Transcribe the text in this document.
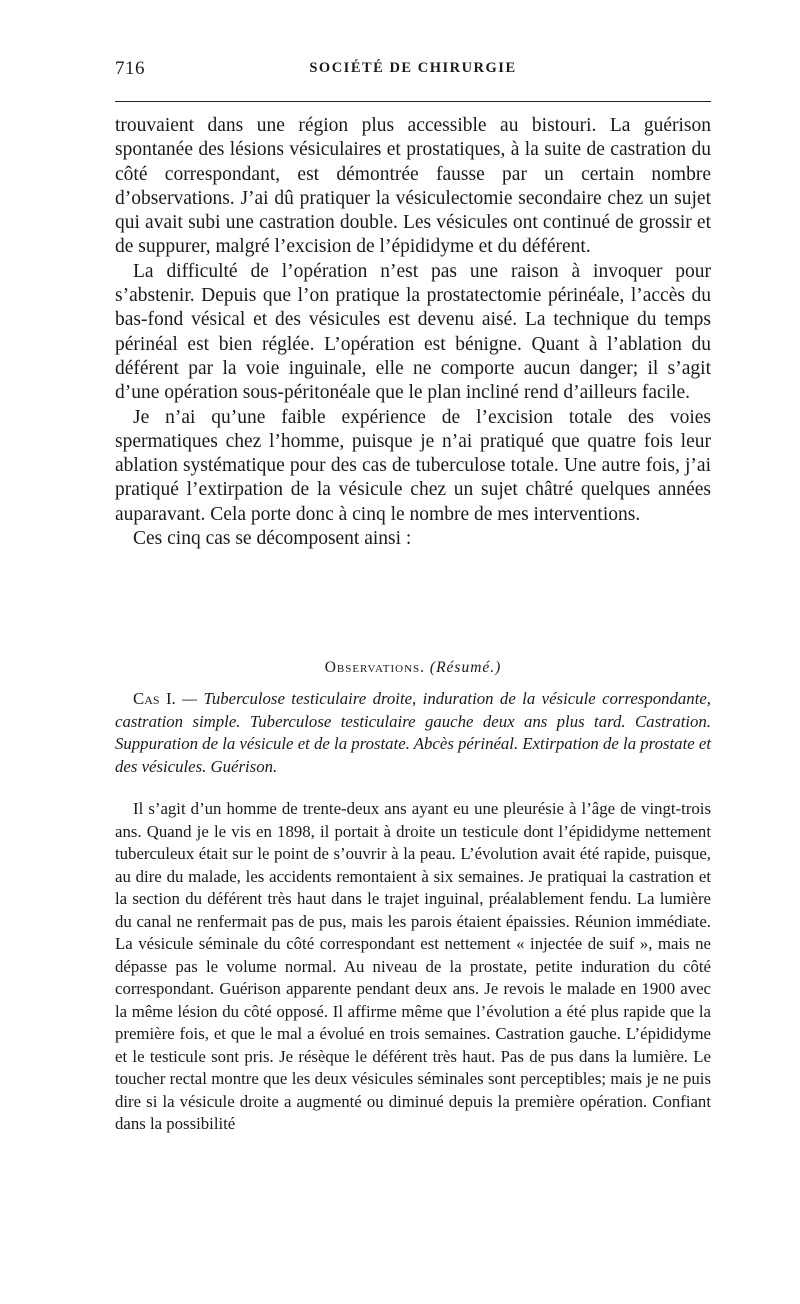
716	SOCIÉTÉ DE CHIRURGIE

trouvaient dans une région plus accessible au bistouri. La guérison spontanée des lésions vésiculaires et prostatiques, à la suite de castration du côté correspondant, est démontrée fausse par un certain nombre d’observations. J’ai dû pratiquer la vésiculectomie secondaire chez un sujet qui avait subi une castration double. Les vésicules ont continué de grossir et de suppurer, malgré l’excision de l’épididyme et du déférent.

La difficulté de l’opération n’est pas une raison à invoquer pour s’abstenir. Depuis que l’on pratique la prostatectomie périnéale, l’accès du bas-fond vésical et des vésicules est devenu aisé. La technique du temps périnéal est bien réglée. L’opération est bénigne. Quant à l’ablation du déférent par la voie inguinale, elle ne comporte aucun danger; il s’agit d’une opération sous-péritonéale que le plan incliné rend d’ailleurs facile.

Je n’ai qu’une faible expérience de l’excision totale des voies spermatiques chez l’homme, puisque je n’ai pratiqué que quatre fois leur ablation systématique pour des cas de tuberculose totale. Une autre fois, j’ai pratiqué l’extirpation de la vésicule chez un sujet châtré quelques années auparavant. Cela porte donc à cinq le nombre de mes interventions.

Ces cinq cas se décomposent ainsi :

Observations. (Résumé.)

Cas I. — Tuberculose testiculaire droite, induration de la vésicule correspondante, castration simple. Tuberculose testiculaire gauche deux ans plus tard. Castration. Suppuration de la vésicule et de la prostate. Abcès périnéal. Extirpation de la prostate et des vésicules. Guérison.

Il s’agit d’un homme de trente-deux ans ayant eu une pleurésie à l’âge de vingt-trois ans. Quand je le vis en 1898, il portait à droite un testicule dont l’épididyme nettement tuberculeux était sur le point de s’ouvrir à la peau. L’évolution avait été rapide, puisque, au dire du malade, les accidents remontaient à six semaines. Je pratiquai la castration et la section du déférent très haut dans le trajet inguinal, préalablement fendu. La lumière du canal ne renfermait pas de pus, mais les parois étaient épaissies. Réunion immédiate. La vésicule séminale du côté correspondant est nettement « injectée de suif », mais ne dépasse pas le volume normal. Au niveau de la prostate, petite induration du côté correspondant. Guérison apparente pendant deux ans. Je revois le malade en 1900 avec la même lésion du côté opposé. Il affirme même que l’évolution a été plus rapide que la première fois, et que le mal a évolué en trois semaines. Castration gauche. L’épididyme et le testicule sont pris. Je résèque le déférent très haut. Pas de pus dans la lumière. Le toucher rectal montre que les deux vésicules séminales sont perceptibles; mais je ne puis dire si la vésicule droite a augmenté ou diminué depuis la première opération. Confiant dans la possibilité
